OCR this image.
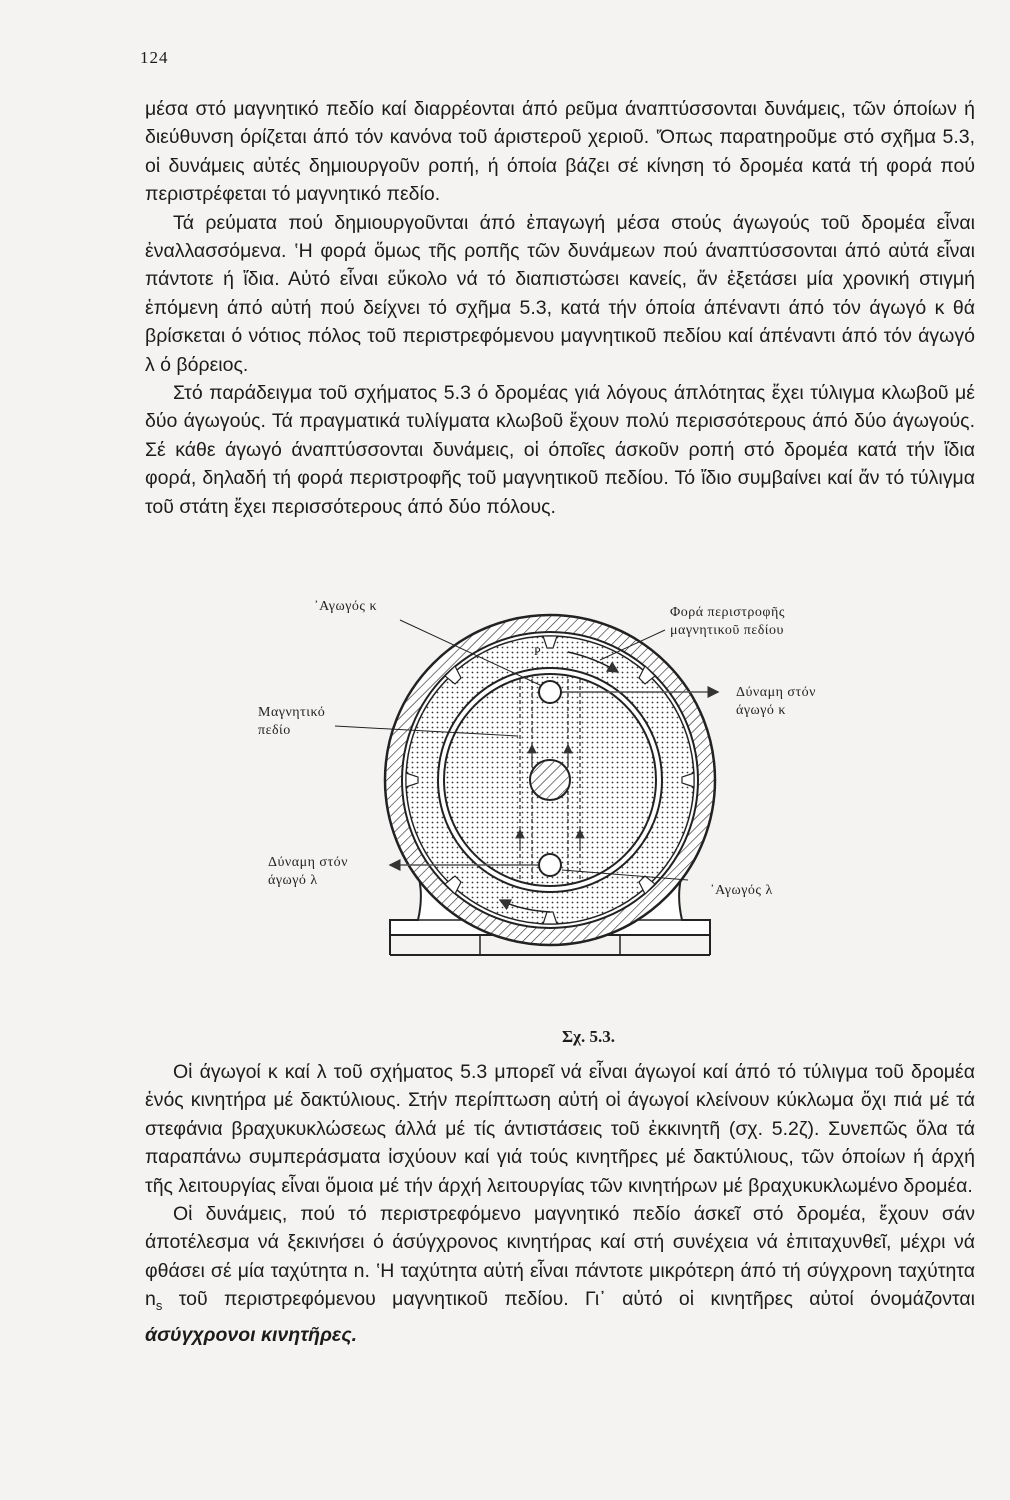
124

μέσα στό μαγνητικό πεδίο καί διαρρέονται άπό ρεῦμα άναπτύσσονται δυνάμεις, τῶν όποίων ή διεύθυνση όρίζεται άπό τόν κανόνα τοῦ άριστεροῦ χεριοῦ. ‛Όπως παρατηροῦμε στό σχῆμα 5.3, οἱ δυνάμεις αὐτές δημιουργοῦν ροπή, ή όποία βάζει σέ κίνηση τό δρομέα κατά τή φορά πού περιστρέφεται τό μαγνητικό πεδίο.

Τά ρεύματα πού δημιουργοῦνται άπό ἐπαγωγή μέσα στούς άγωγούς τοῦ δρομέα εἶναι ἐναλλασσόμενα. ‛Η φορά ὅμως τῆς ροπῆς τῶν δυνάμεων πού άναπτύσσονται άπό αὐτά εἶναι πάντοτε ή ἴδια. Αὐτό εἶναι εὔκολο νά τό διαπιστώσει κανείς, ἄν ἐξετάσει μία χρονική στιγμή ἑπόμενη άπό αὐτή πού δείχνει τό σχῆμα 5.3, κατά τήν όποία άπέναντι άπό τόν άγωγό κ θά βρίσκεται ό νότιος πόλος τοῦ περιστρεφόμενου μαγνητικοῦ πεδίου καί άπέναντι άπό τόν άγωγό λ ό βόρειος.

Στό παράδειγμα τοῦ σχήματος 5.3 ό δρομέας γιά λόγους άπλότητας ἔχει τύλιγμα κλωβοῦ μέ δύο άγωγούς. Τά πραγματικά τυλίγματα κλωβοῦ ἔχουν πολύ περισσότερους άπό δύο άγωγούς. Σέ κάθε άγωγό άναπτύσσονται δυνάμεις, οἱ όποῖες άσκοῦν ροπή στό δρομέα κατά τήν ἴδια φορά, δηλαδή τή φορά περιστροφῆς τοῦ μαγνητικοῦ πεδίου. Τό ἴδιο συμβαίνει καί ἄν τό τύλιγμα τοῦ στάτη ἔχει περισσότερους άπό δύο πόλους.

᾿Αγωγός κ	Φορά περιστροφῆς
μαγνητικοῦ πεδίου
Μαγνητικό
πεδίο
Δύναμη στόν
άγωγό κ
Δύναμη στόν
άγωγό λ
᾿Αγωγός λ
P
Σχ. 5.3.

Οἱ άγωγοί κ καί λ τοῦ σχήματος 5.3 μπορεῖ νά εἶναι άγωγοί καί άπό τό τύλιγμα τοῦ δρομέα ἑνός κινητήρα μέ δακτύλιους. Στήν περίπτωση αὐτή οἱ άγωγοί κλείνουν κύκλωμα ὄχι πιά μέ τά στεφάνια βραχυκυκλώσεως άλλά μέ τίς άντιστάσεις τοῦ ἐκκινητῆ (σχ. 5.2ζ). Συνεπῶς ὅλα τά παραπάνω συμπεράσματα ἰσχύουν καί γιά τούς κινητῆρες μέ δακτύλιους, τῶν όποίων ή άρχή τῆς λειτουργίας εἶναι ὅμοια μέ τήν άρχή λειτουργίας τῶν κινητήρων μέ βραχυκυκλωμένο δρομέα.

Οἱ δυνάμεις, πού τό περιστρεφόμενο μαγνητικό πεδίο άσκεῖ στό δρομέα, ἔχουν σάν άποτέλεσμα νά ξεκινήσει ό άσύγχρονος κινητήρας καί στή συνέχεια νά ἐπιταχυνθεῖ, μέχρι νά φθάσει σέ μία ταχύτητα n. ‛Η ταχύτητα αὐτή εἶναι πάντοτε μικρότερη άπό τή σύγχρονη ταχύτητα $n_s$ τοῦ περιστρεφόμενου μαγνητικοῦ πεδίου. Γι᾿ αὐτό οἱ κινητῆρες αὐτοί όνομάζονται άσύγχρονοι κινητῆρες.
